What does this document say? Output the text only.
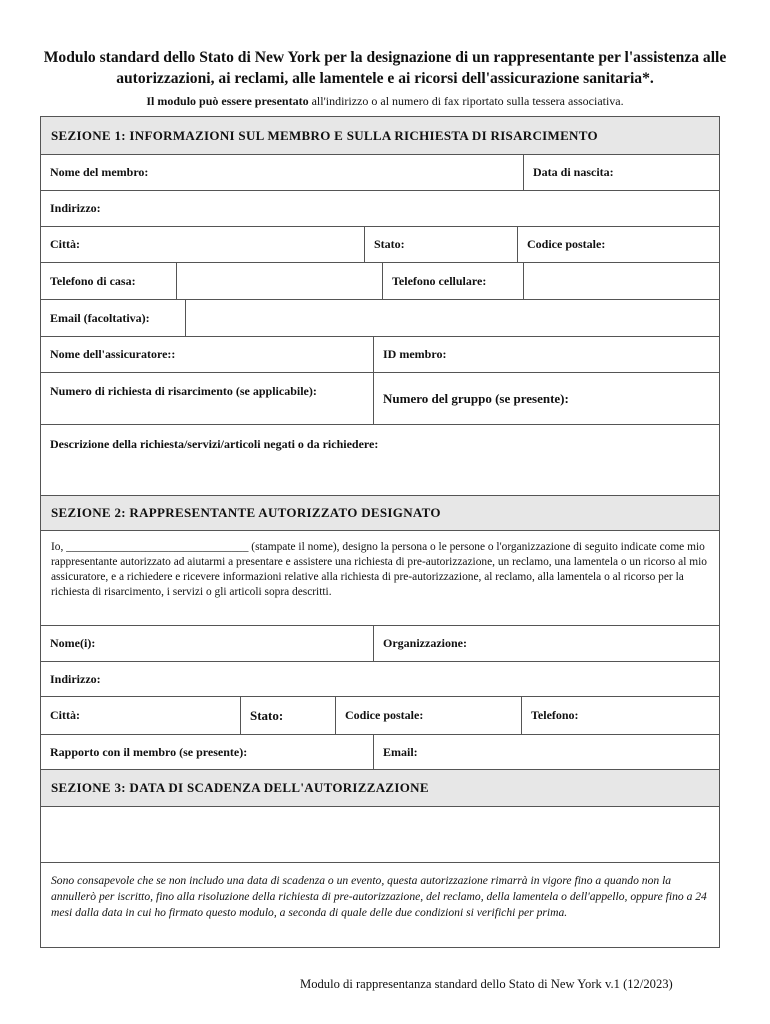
Modulo standard dello Stato di New York per la designazione di un rappresentante per l'assistenza alle autorizzazioni, ai reclami, alle lamentele e ai ricorsi dell'assicurazione sanitaria*.
Il modulo può essere presentato all'indirizzo o al numero di fax riportato sulla tessera associativa.
SEZIONE 1: INFORMAZIONI SUL MEMBRO E SULLA RICHIESTA DI RISARCIMENTO
Nome del membro:	Data di nascita:
Indirizzo:
Città:	Stato:	Codice postale:
Telefono di casa:	Telefono cellulare:
Email (facoltativa):
Nome dell'assicuratore::	ID membro:
Numero di richiesta di risarcimento (se applicabile):	Numero del gruppo (se presente):
Descrizione della richiesta/servizi/articoli negati o da richiedere:
SEZIONE 2: RAPPRESENTANTE AUTORIZZATO DESIGNATO
Io, ________________________________ (stampate il nome), designo la persona o le persone o l'organizzazione di seguito indicate come mio rappresentante autorizzato ad aiutarmi a presentare e assistere una richiesta di pre-autorizzazione, un reclamo, una lamentela o un ricorso al mio assicuratore, e a richiedere e ricevere informazioni relative alla richiesta di pre-autorizzazione, al reclamo, alla lamentela o al ricorso per la richiesta di risarcimento, i servizi o gli articoli sopra descritti.
Nome(i):	Organizzazione:
Indirizzo:
Città:	Stato:	Codice postale:	Telefono:
Rapporto con il membro (se presente):	Email:
SEZIONE 3: DATA DI SCADENZA DELL'AUTORIZZAZIONE
Sono consapevole che se non includo una data di scadenza o un evento, questa autorizzazione rimarrà in vigore fino a quando non la annullerò per iscritto, fino alla risoluzione della richiesta di pre-autorizzazione, del reclamo, della lamentela o dell'appello, oppure fino a 24 mesi dalla data in cui ho firmato questo modulo, a seconda di quale delle due condizioni si verifichi per prima.
Modulo di rappresentanza standard dello Stato di New York v.1 (12/2023)
